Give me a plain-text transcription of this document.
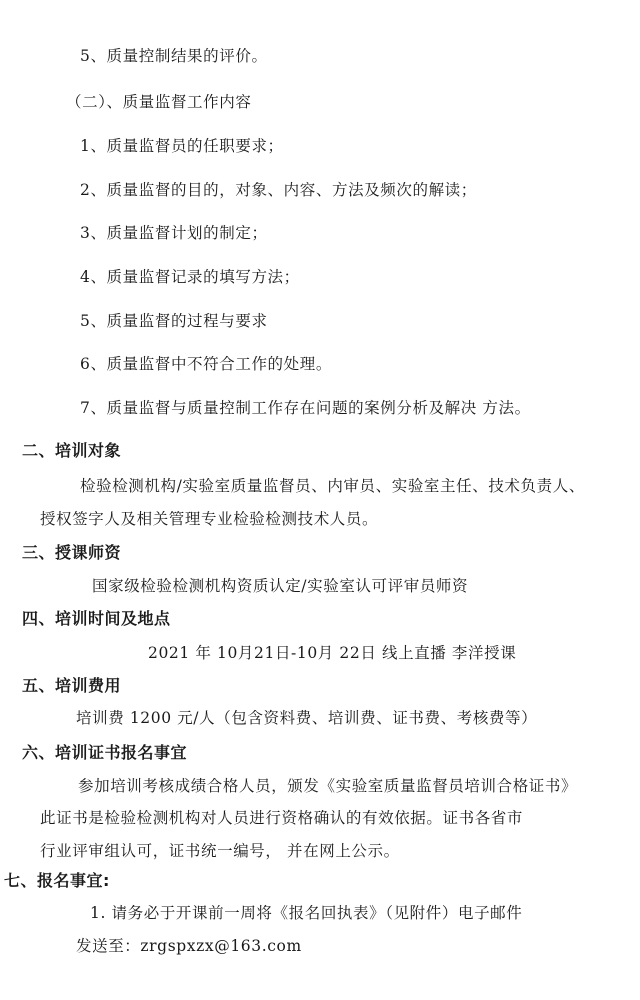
5、质量控制结果的评价。
（二）、质量监督工作内容
1、质量监督员的任职要求；
2、质量监督的目的，对象、内容、方法及频次的解读；
3、质量监督计划的制定；
4、质量监督记录的填写方法；
5、质量监督的过程与要求
6、质量监督中不符合工作的处理。
7、质量监督与质量控制工作存在问题的案例分析及解决 方法。
二、培训对象
检验检测机构/实验室质量监督员、内审员、实验室主任、技术负责人、
授权签字人及相关管理专业检验检测技术人员。
三、授课师资
国家级检验检测机构资质认定/实验室认可评审员师资
四、培训时间及地点
2021 年 10月21日-10月 22日 线上直播 李洋授课
五、培训费用
培训费 1200 元/人（包含资料费、培训费、证书费、考核费等）
六、培训证书报名事宜
参加培训考核成绩合格人员，颁发《实验室质量监督员培训合格证书》
此证书是检验检测机构对人员进行资格确认的有效依据。证书各省市
行业评审组认可，证书统一编号， 并在网上公示。
七、报名事宜:
1. 请务必于开课前一周将《报名回执表》（见附件）电子邮件
发送至：zrgspxzx@163.com
